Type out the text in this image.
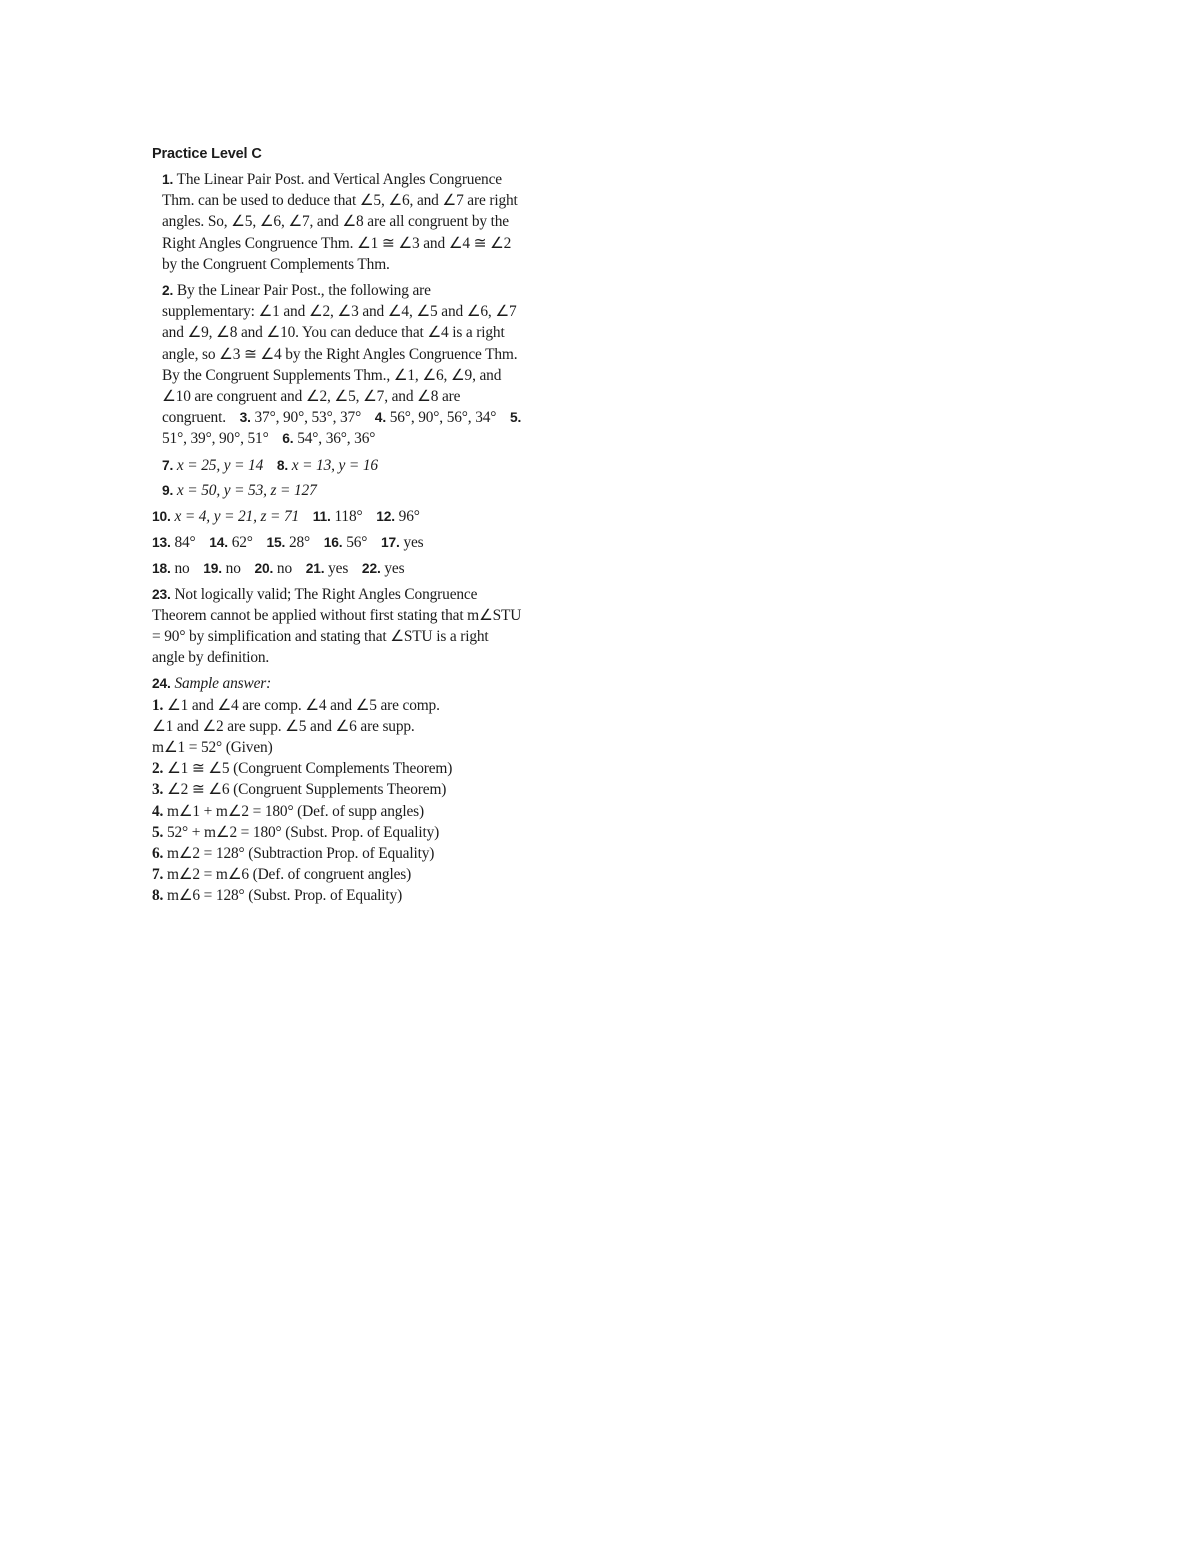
Practice Level C
1. The Linear Pair Post. and Vertical Angles Congruence Thm. can be used to deduce that ∠5, ∠6, and ∠7 are right angles. So, ∠5, ∠6, ∠7, and ∠8 are all congruent by the Right Angles Congruence Thm. ∠1 ≅ ∠3 and ∠4 ≅ ∠2 by the Congruent Complements Thm.
2. By the Linear Pair Post., the following are supplementary: ∠1 and ∠2, ∠3 and ∠4, ∠5 and ∠6, ∠7 and ∠9, ∠8 and ∠10. You can deduce that ∠4 is a right angle, so ∠3 ≅ ∠4 by the Right Angles Congruence Thm. By the Congruent Supplements Thm., ∠1, ∠6, ∠9, and ∠10 are congruent and ∠2, ∠5, ∠7, and ∠8 are congruent. 3. 37°, 90°, 53°, 37° 4. 56°, 90°, 56°, 34° 5. 51°, 39°, 90°, 51° 6. 54°, 36°, 36°
7. x = 25, y = 14 8. x = 13, y = 16
9. x = 50, y = 53, z = 127
10. x = 4, y = 21, z = 71 11. 118° 12. 96°
13. 84° 14. 62° 15. 28° 16. 56° 17. yes
18. no 19. no 20. no 21. yes 22. yes
23. Not logically valid; The Right Angles Congruence Theorem cannot be applied without first stating that m∠STU = 90° by simplification and stating that ∠STU is a right angle by definition.
24. Sample answer:
1. ∠1 and ∠4 are comp. ∠4 and ∠5 are comp.
∠1 and ∠2 are supp. ∠5 and ∠6 are supp.
m∠1 = 52° (Given)
2. ∠1 ≅ ∠5 (Congruent Complements Theorem)
3. ∠2 ≅ ∠6 (Congruent Supplements Theorem)
4. m∠1 + m∠2 = 180° (Def. of supp angles)
5. 52° + m∠2 = 180° (Subst. Prop. of Equality)
6. m∠2 = 128° (Subtraction Prop. of Equality)
7. m∠2 = m∠6 (Def. of congruent angles)
8. m∠6 = 128° (Subst. Prop. of Equality)
